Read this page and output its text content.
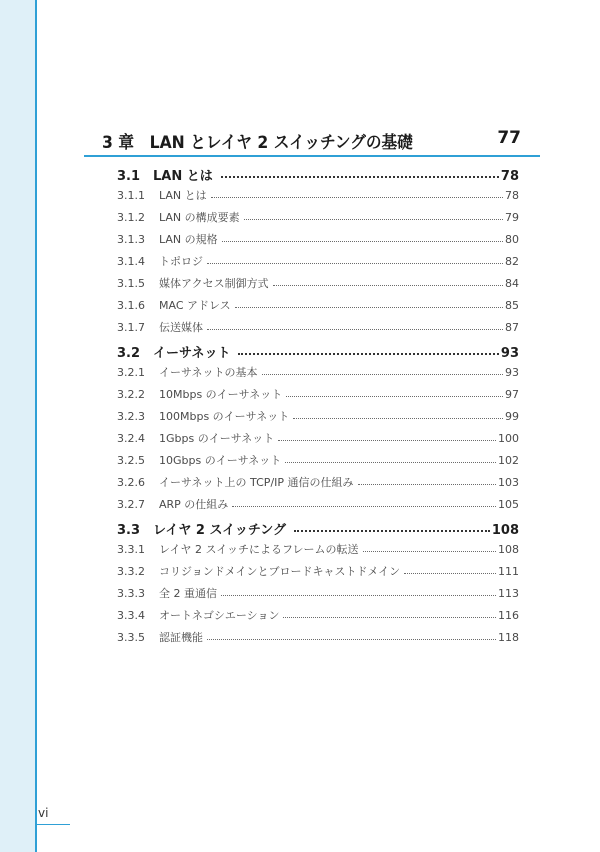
3 章　LAN とレイヤ 2 スイッチングの基礎	77
3.1 LAN とは	78
3.1.1	LAN とは	78
3.1.2	LAN の構成要素	79
3.1.3	LAN の規格	80
3.1.4	トポロジ	82
3.1.5	媒体アクセス制御方式	84
3.1.6	MAC アドレス	85
3.1.7	伝送媒体	87
3.2 イーサネット	93
3.2.1	イーサネットの基本	93
3.2.2	10Mbps のイーサネット	97
3.2.3	100Mbps のイーサネット	99
3.2.4	1Gbps のイーサネット	100
3.2.5	10Gbps のイーサネット	102
3.2.6	イーサネット上の TCP/IP 通信の仕組み	103
3.2.7	ARP の仕組み	105
3.3 レイヤ 2 スイッチング	108
3.3.1	レイヤ 2 スイッチによるフレームの転送	108
3.3.2	コリジョンドメインとブロードキャストドメイン	111
3.3.3	全 2 重通信	113
3.3.4	オートネゴシエーション	116
3.3.5	認証機能	118
vi
